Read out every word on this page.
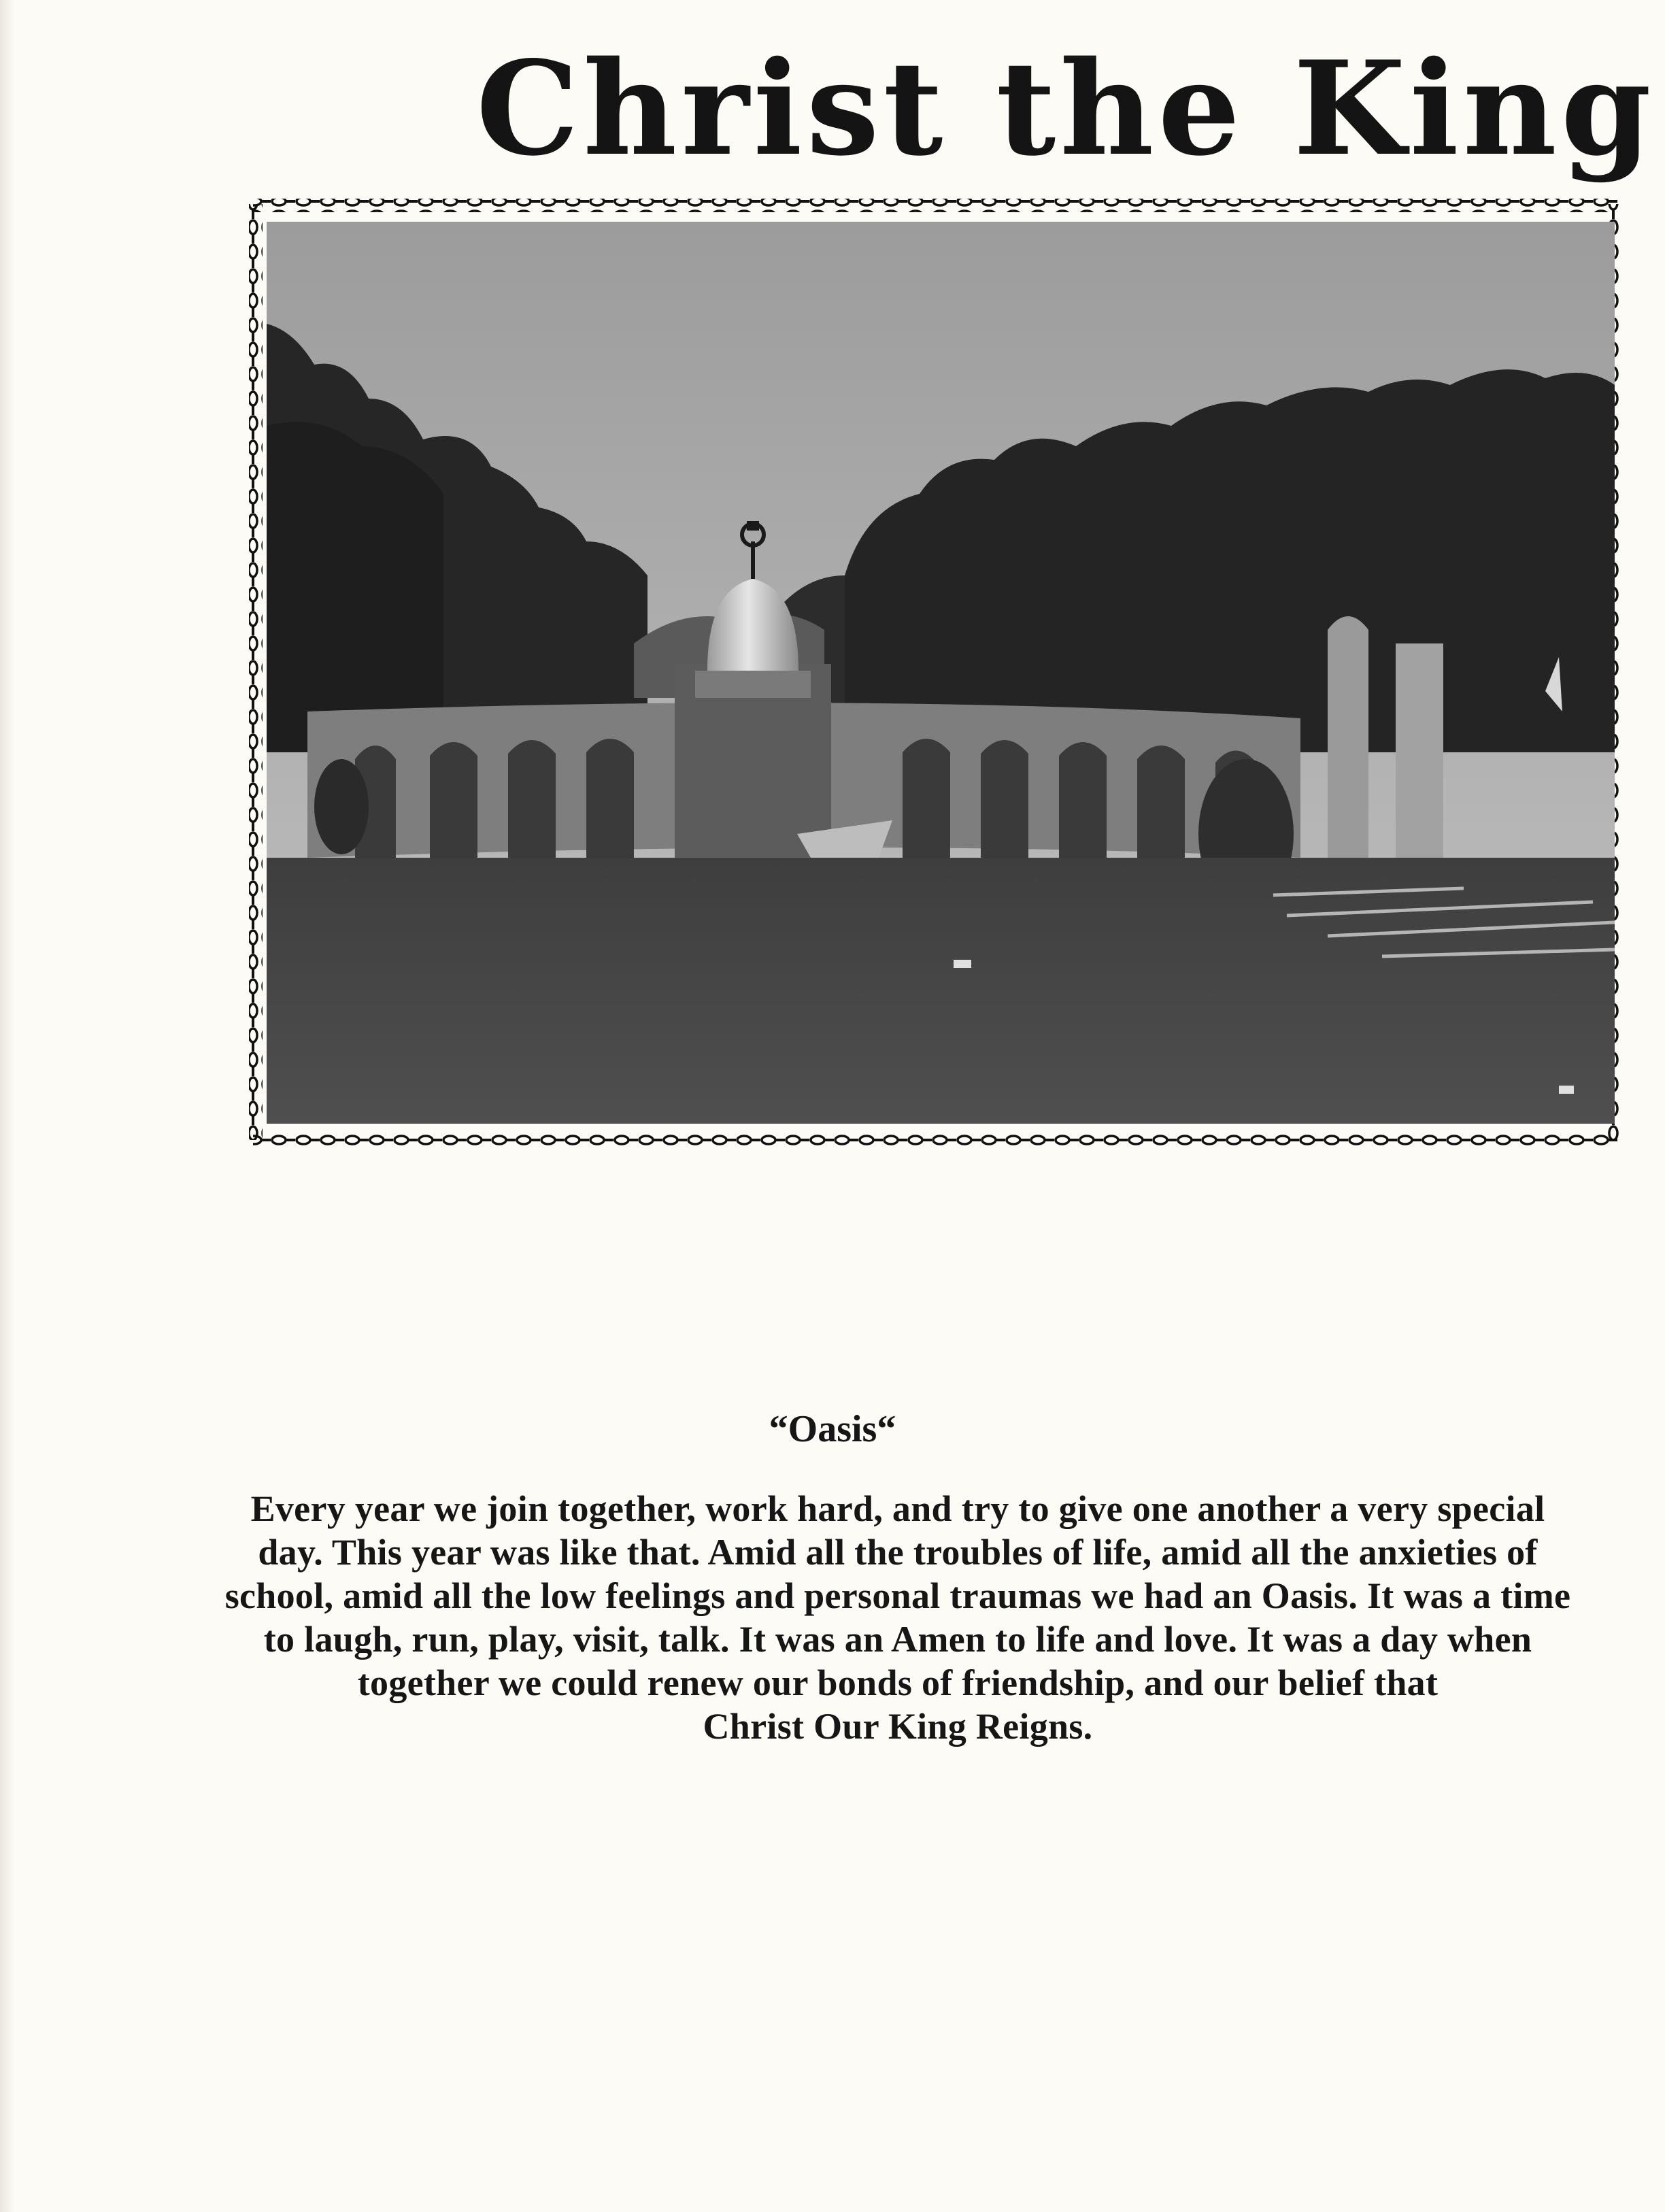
Christ the King
“Oasis“
Every year we join together, work hard, and try to give one another a very special
day. This year was like that. Amid all the troubles of life, amid all the anxieties of
school, amid all the low feelings and personal traumas we had an Oasis. It was a time
to laugh, run, play, visit, talk. It was an Amen to life and love. It was a day when
together we could renew our bonds of friendship, and our belief that
Christ Our King Reigns.
